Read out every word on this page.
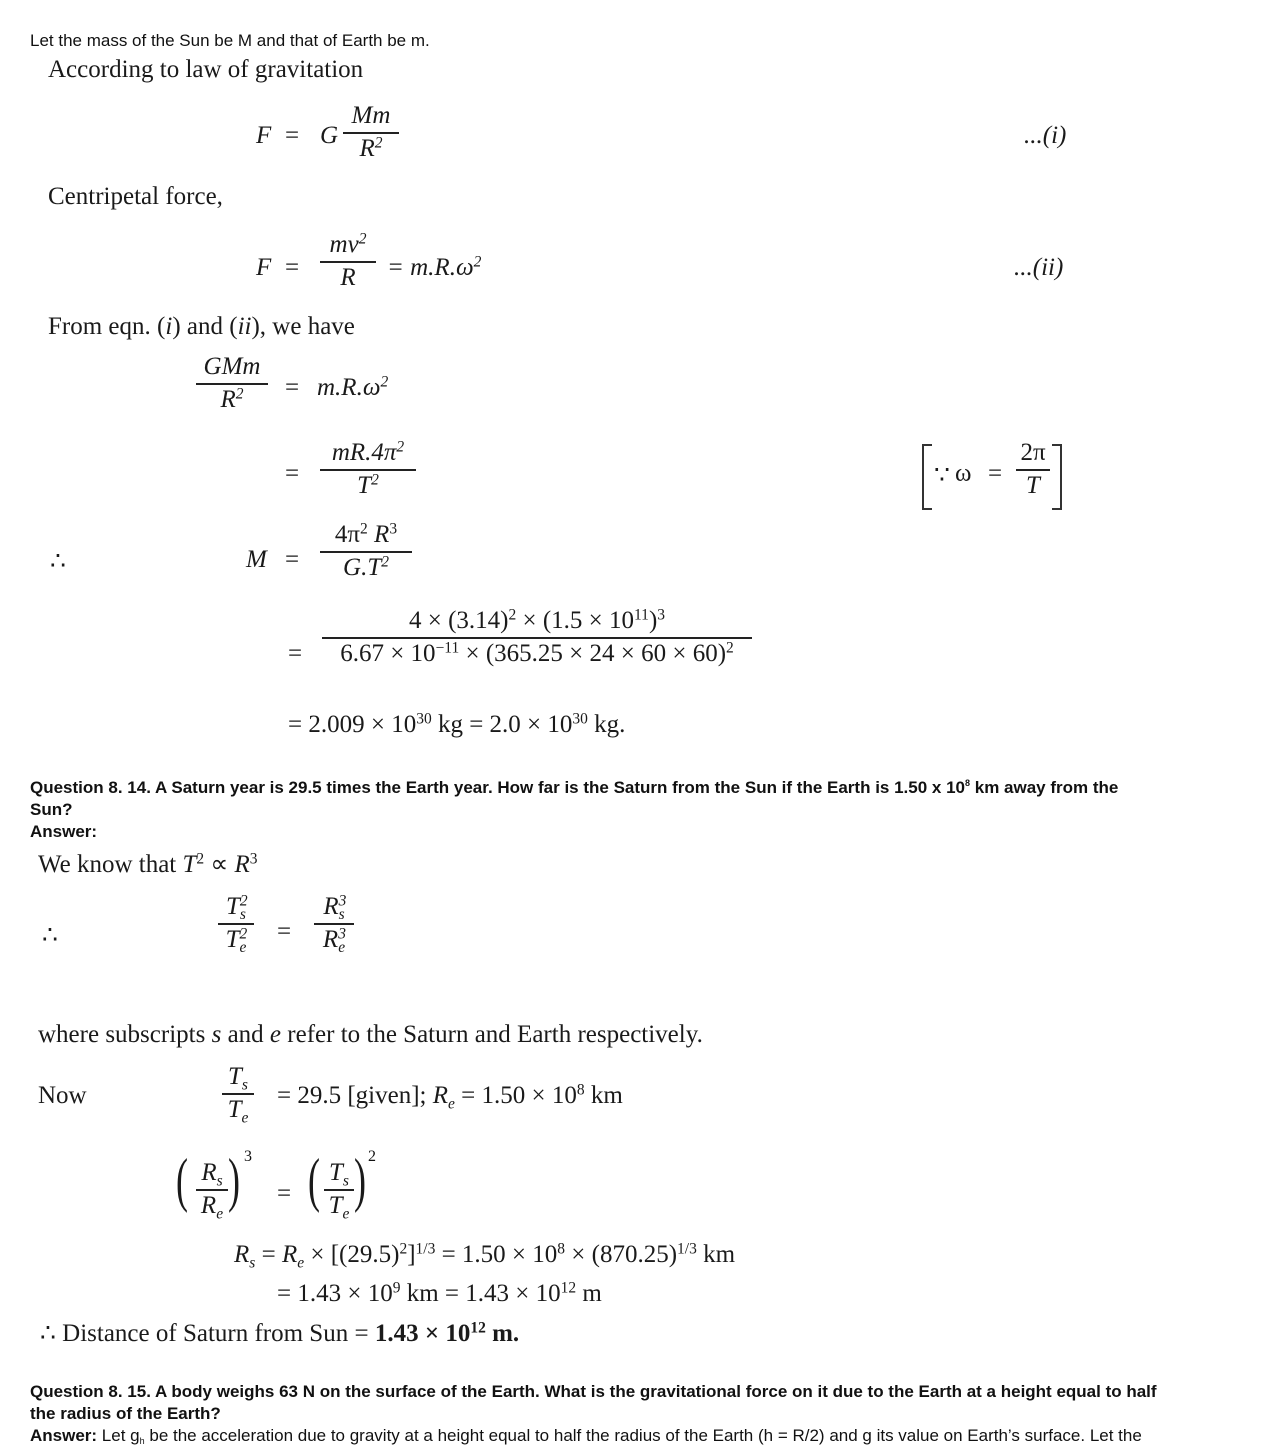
Let the mass of the Sun be M and that of Earth be m.
According to law of gravitation
F = G
Mm
$R^2$	...(i)
Centripetal force,
F =
$mv^2$
$R = m.R.\omega^2$	...(ii)
From eqn. (i) and (ii), we have
GMm
$R^2 = m.R.\omega^2$
=
$mR.4\pi^2$
$T^2$	∵ ω =
2π
T
∴	M =
$4\pi^2$ $R^3$
$G.T^2$
=
$4 \times (3.14)^2 \times (1.5 \times 10^{11})^3$
$6.67 \times 10^{-11} \times (365.25 \times 24 \times 60 \times 60)^2$
= $2.009 \times 10^{30}$ kg = $2.0 \times 10^{30}$ kg.
Question 8. 14. A Saturn year is 29.5 times the Earth year. How far is the Saturn from the Sun if the Earth is 1.50 x $10^8$ km away from the
Sun?
Answer:
We know that $T^2 \propto R^3$
∴
$T^2_s$
$T^2_e$
=
$R^3_s$
$R^3_e$
where subscripts s and e refer to the Saturn and Earth respectively.
Now
$T_s$
$T_e$
= 29.5 [given]; $R_e = 1.50 \times 10^8$ km
( $R_s$
$R_e$
) 3
= ( $T_s$
$T_e$
) 2
$R_s = R_e \times [(29.5)^2]^{1/3} = 1.50 \times 10^8 \times (870.25)^{1/3}$ km
= $1.43 \times 10^9$ km = $1.43 \times 10^{12}$ m
∴ Distance of Saturn from Sun = $1.43 \times 10^{12}$ m.
Question 8. 15. A body weighs 63 N on the surface of the Earth. What is the gravitational force on it due to the Earth at a height equal to half
the radius of the Earth?
Answer: Let $g_h$ be the acceleration due to gravity at a height equal to half the radius of the Earth (h = R/2) and g its value on Earth’s surface. Let the
